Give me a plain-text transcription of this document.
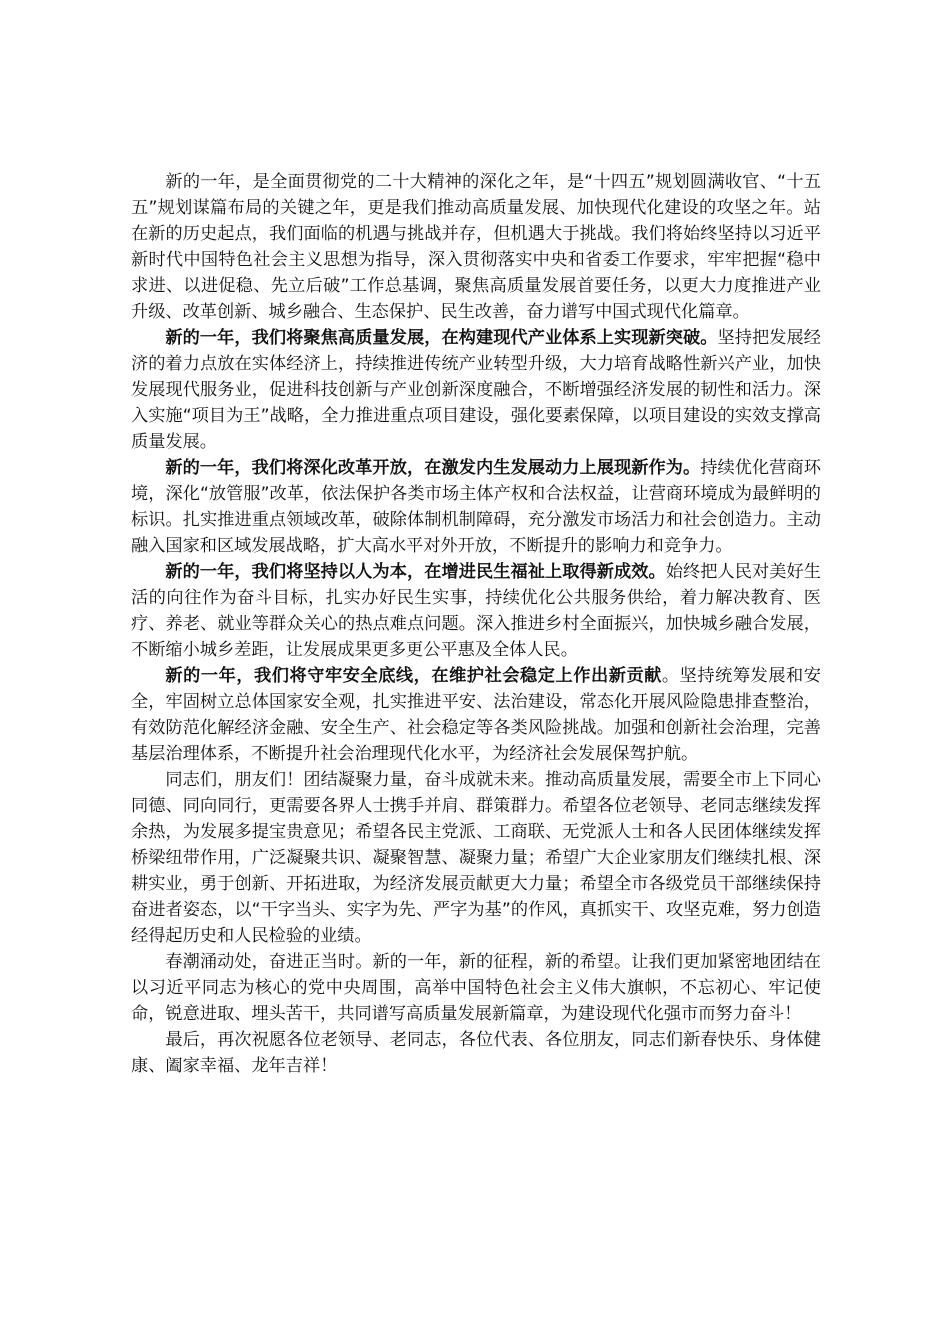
新的一年，是全面贯彻党的二十大精神的深化之年，是“十四五”规划圆满收官、“十五五”规划谋篇布局的关键之年，更是我们推动高质量发展、加快现代化建设的攻坚之年。站在新的历史起点，我们面临的机遇与挑战并存，但机遇大于挑战。我们将始终坚持以习近平新时代中国特色社会主义思想为指导，深入贯彻落实中央和省委工作要求，牢牢把握“稳中求进、以进促稳、先立后破”工作总基调，聚焦高质量发展首要任务，以更大力度推进产业升级、改革创新、城乡融合、生态保护、民生改善，奋力谱写中国式现代化篇章。

新的一年，我们将聚焦高质量发展，在构建现代产业体系上实现新突破。坚持把发展经济的着力点放在实体经济上，持续推进传统产业转型升级，大力培育战略性新兴产业，加快发展现代服务业，促进科技创新与产业创新深度融合，不断增强经济发展的韧性和活力。深入实施“项目为王”战略，全力推进重点项目建设，强化要素保障，以项目建设的实效支撑高质量发展。

新的一年，我们将深化改革开放，在激发内生发展动力上展现新作为。持续优化营商环境，深化“放管服”改革，依法保护各类市场主体产权和合法权益，让营商环境成为最鲜明的标识。扎实推进重点领域改革，破除体制机制障碍，充分激发市场活力和社会创造力。主动融入国家和区域发展战略，扩大高水平对外开放，不断提升的影响力和竞争力。

新的一年，我们将坚持以人为本，在增进民生福祉上取得新成效。始终把人民对美好生活的向往作为奋斗目标，扎实办好民生实事，持续优化公共服务供给，着力解决教育、医疗、养老、就业等群众关心的热点难点问题。深入推进乡村全面振兴，加快城乡融合发展，不断缩小城乡差距，让发展成果更多更公平惠及全体人民。

新的一年，我们将守牢安全底线，在维护社会稳定上作出新贡献。坚持统筹发展和安全，牢固树立总体国家安全观，扎实推进平安、法治建设，常态化开展风险隐患排查整治，有效防范化解经济金融、安全生产、社会稳定等各类风险挑战。加强和创新社会治理，完善基层治理体系，不断提升社会治理现代化水平，为经济社会发展保驾护航。

同志们，朋友们！团结凝聚力量，奋斗成就未来。推动高质量发展，需要全市上下同心同德、同向同行，更需要各界人士携手并肩、群策群力。希望各位老领导、老同志继续发挥余热，为发展多提宝贵意见；希望各民主党派、工商联、无党派人士和各人民团体继续发挥桥梁纽带作用，广泛凝聚共识、凝聚智慧、凝聚力量；希望广大企业家朋友们继续扎根、深耕实业，勇于创新、开拓进取，为经济发展贡献更大力量；希望全市各级党员干部继续保持奋进者姿态，以“干字当头、实字为先、严字为基”的作风，真抓实干、攻坚克难，努力创造经得起历史和人民检验的业绩。

春潮涌动处，奋进正当时。新的一年，新的征程，新的希望。让我们更加紧密地团结在以习近平同志为核心的党中央周围，高举中国特色社会主义伟大旗帜，不忘初心、牢记使命，锐意进取、埋头苦干，共同谱写高质量发展新篇章，为建设现代化强市而努力奋斗！

最后，再次祝愿各位老领导、老同志，各位代表、各位朋友，同志们新春快乐、身体健康、阖家幸福、龙年吉祥！
